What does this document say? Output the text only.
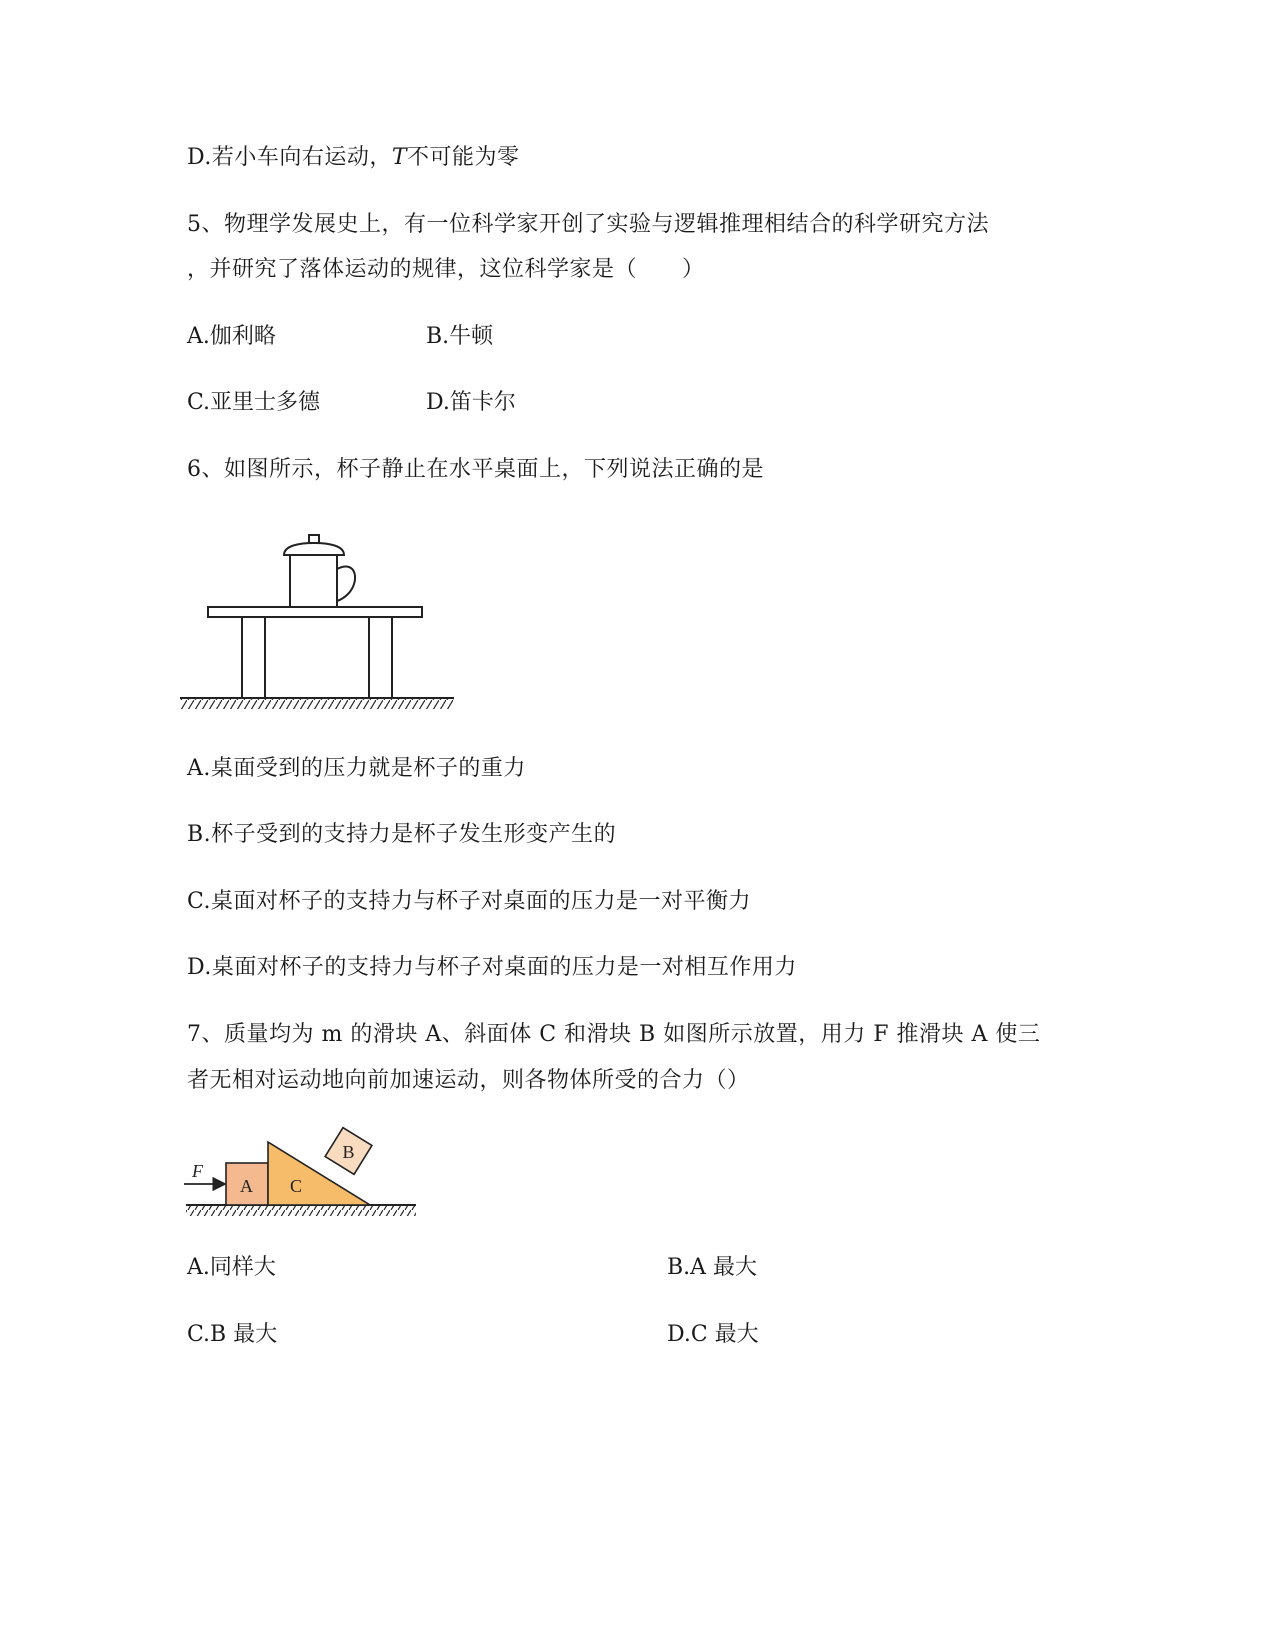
D.若小车向右运动，T不可能为零
5、物理学发展史上，有一位科学家开创了实验与逻辑推理相结合的科学研究方法
，并研究了落体运动的规律，这位科学家是（　　）
A.伽利略	B.牛顿
C.亚里士多德	D.笛卡尔
6、如图所示，杯子静止在水平桌面上，下列说法正确的是
A.桌面受到的压力就是杯子的重力
B.杯子受到的支持力是杯子发生形变产生的
C.桌面对杯子的支持力与杯子对桌面的压力是一对平衡力
D.桌面对杯子的支持力与杯子对桌面的压力是一对相互作用力
7、质量均为 m 的滑块 A、斜面体 C 和滑块 B 如图所示放置，用力 F 推滑块 A 使三
者无相对运动地向前加速运动，则各物体所受的合力（）
F
A C
B
A.同样大	B.A 最大
C.B 最大	D.C 最大
